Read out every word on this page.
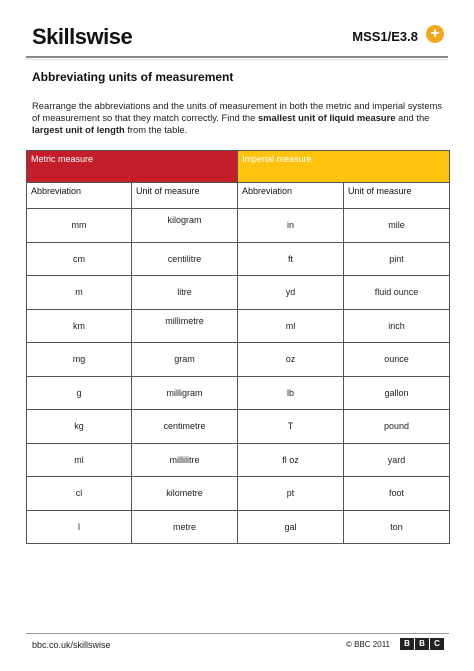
Skillswise	MSS1/E3.8 +
Abbreviating units of measurement

Rearrange the abbreviations and the units of measurement in both the metric and imperial systems of measurement so that they match correctly. Find the smallest unit of liquid measure and the largest unit of length from the table.

Metric measure		Imperial measure	
Abbreviation	Unit of measure	Abbreviation	Unit of measure
mm	kilogram	in	mile
cm	centilitre	ft	pint
m	litre	yd	fluid ounce
km	millimetre	ml	inch
mg	gram	oz	ounce
g	milligram	lb	gallon
kg	centimetre	T	pound
ml	millilitre	fl oz	yard
cl	kilometre	pt	foot
l	metre	gal	ton
bbc.co.uk/skillswise	© BBC 2011	B	B	C
